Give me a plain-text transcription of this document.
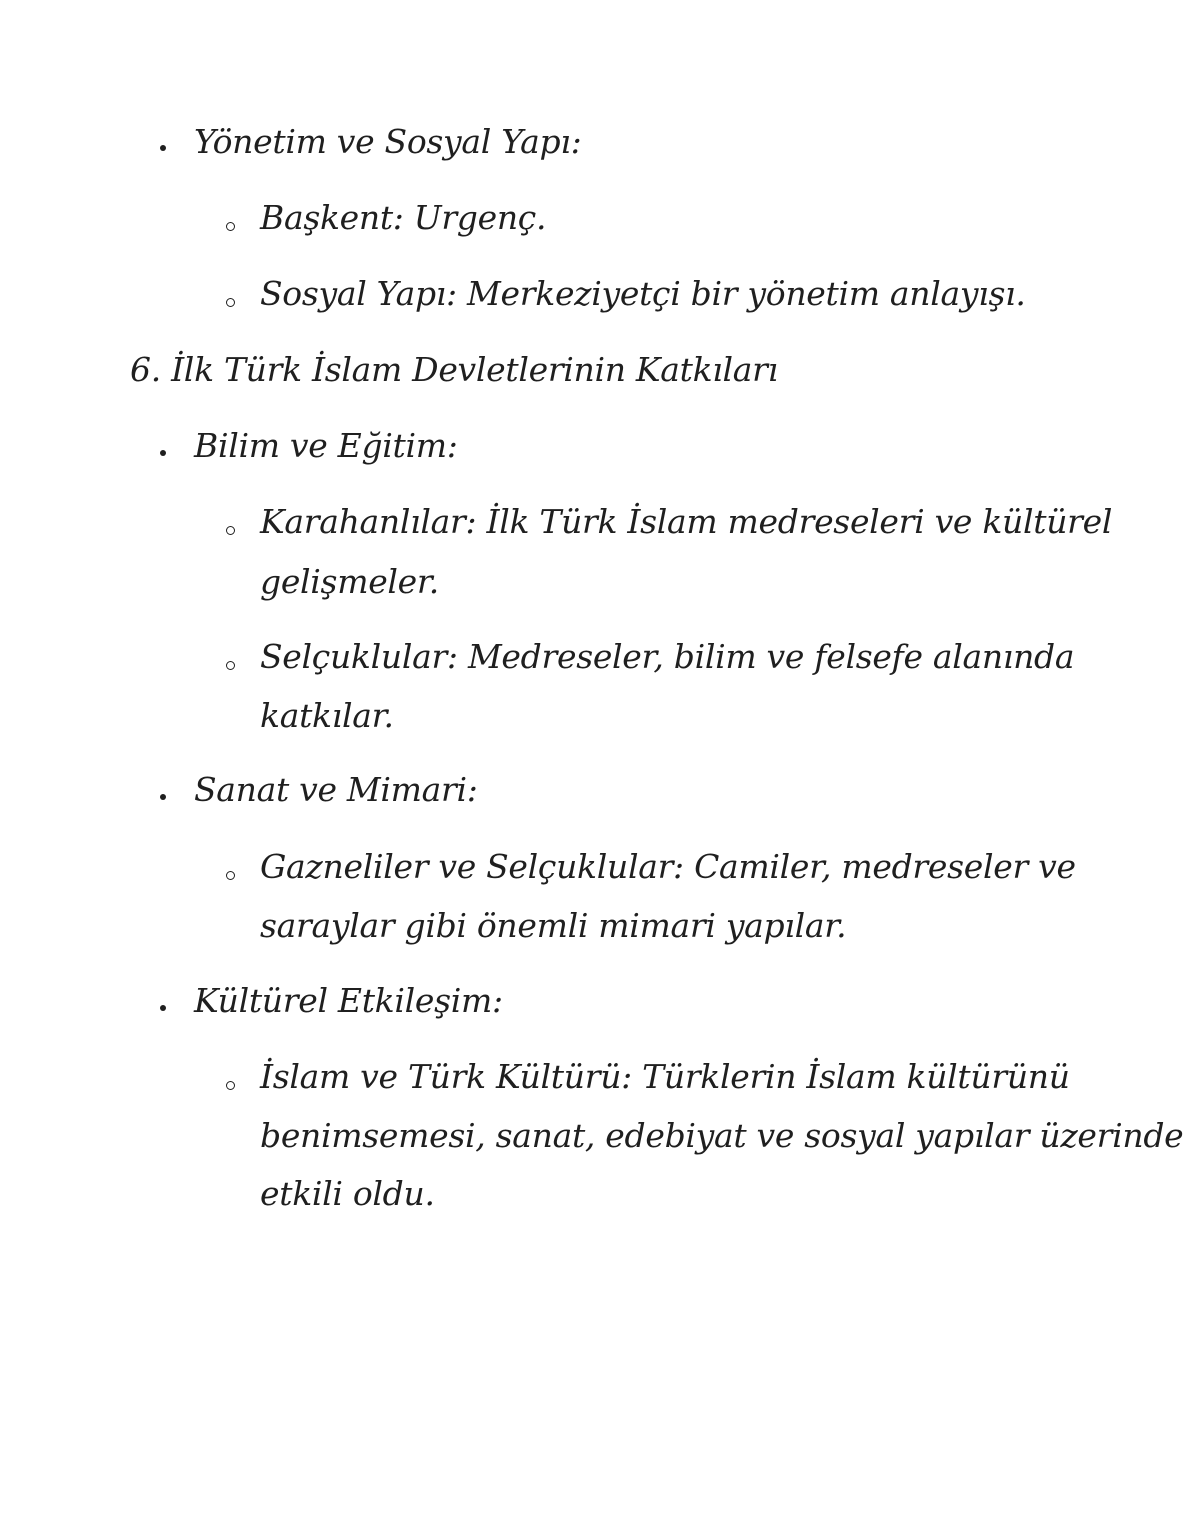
Yönetim ve Sosyal Yapı:
Başkent: Urgenç.
Sosyal Yapı: Merkeziyetçi bir yönetim anlayışı.
6. İlk Türk İslam Devletlerinin Katkıları
Bilim ve Eğitim:
Karahanlılar: İlk Türk İslam medreseleri ve kültürel
gelişmeler.
Selçuklular: Medreseler, bilim ve felsefe alanında
katkılar.
Sanat ve Mimari:
Gazneliler ve Selçuklular: Camiler, medreseler ve
saraylar gibi önemli mimari yapılar.
Kültürel Etkileşim:
İslam ve Türk Kültürü: Türklerin İslam kültürünü
benimsemesi, sanat, edebiyat ve sosyal yapılar üzerinde
etkili oldu.
